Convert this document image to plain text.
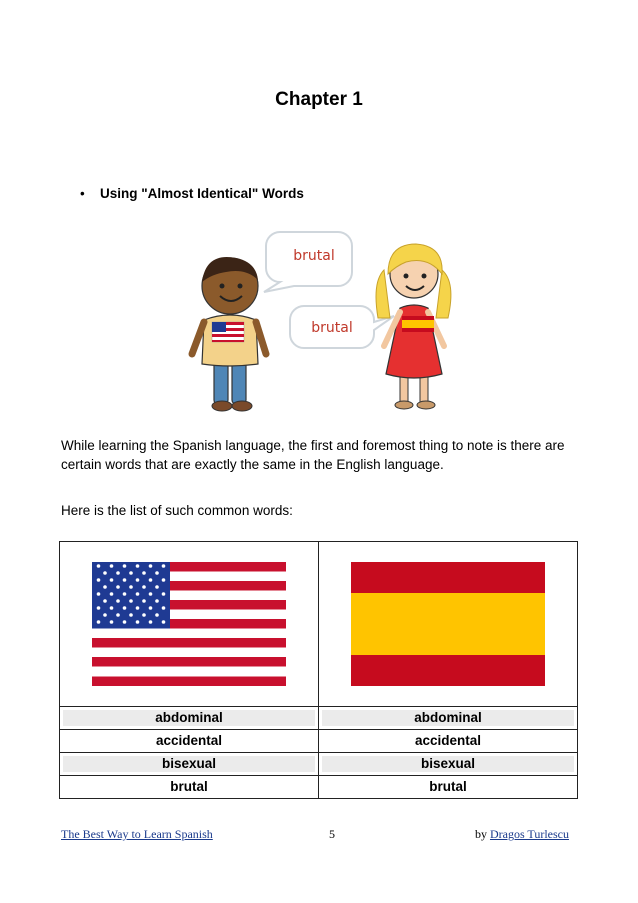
Chapter 1
• Using "Almost Identical" Words
brutal
brutal
While learning the Spanish language, the first and foremost thing to note is there are certain words that are exactly the same in the English language.
Here is the list of such common words:

abdominal	abdominal

accidental	accidental

bisexual	bisexual

brutal	brutal
The Best Way to Learn Spanish	5	by Dragos Turlescu
